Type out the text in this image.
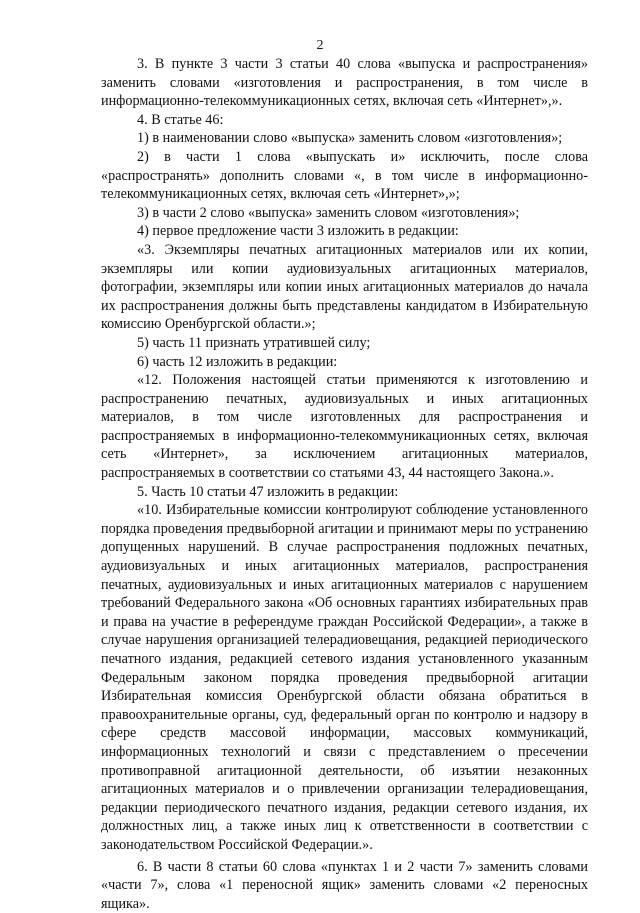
2

3. В пункте 3 части 3 статьи 40 слова «выпуска и распространения» заменить словами «изготовления и распространения, в том числе в информационно-телекоммуникационных сетях, включая сеть «Интернет»,».

4. В статье 46:

1) в наименовании слово «выпуска» заменить словом «изготовления»;

2) в части 1 слова «выпускать и» исключить, после слова «распространять» дополнить словами «, в том числе в информационно-телекоммуникационных сетях, включая сеть «Интернет»,»;

3) в части 2 слово «выпуска» заменить словом «изготовления»;

4) первое предложение части 3 изложить в редакции:

«3. Экземпляры печатных агитационных материалов или их копии, экземпляры или копии аудиовизуальных агитационных материалов, фотографии, экземпляры или копии иных агитационных материалов до начала их распространения должны быть представлены кандидатом в Избирательную комиссию Оренбургской области.»;

5) часть 11 признать утратившей силу;

6) часть 12 изложить в редакции:

«12. Положения настоящей статьи применяются к изготовлению и распространению печатных, аудиовизуальных и иных агитационных материалов, в том числе изготовленных для распространения и распространяемых в информационно-телекоммуникационных сетях, включая сеть «Интернет», за исключением агитационных материалов, распространяемых в соответствии со статьями 43, 44 настоящего Закона.».

5. Часть 10 статьи 47 изложить в редакции:

«10. Избирательные комиссии контролируют соблюдение установленного порядка проведения предвыборной агитации и принимают меры по устранению допущенных нарушений. В случае распространения подложных печатных, аудиовизуальных и иных агитационных материалов, распространения печатных, аудиовизуальных и иных агитационных материалов с нарушением требований Федерального закона «Об основных гарантиях избирательных прав и права на участие в референдуме граждан Российской Федерации», а также в случае нарушения организацией телерадиовещания, редакцией периодического печатного издания, редакцией сетевого издания установленного указанным Федеральным законом порядка проведения предвыборной агитации Избирательная комиссия Оренбургской области обязана обратиться в правоохранительные органы, суд, федеральный орган по контролю и надзору в сфере средств массовой информации, массовых коммуникаций, информационных технологий и связи с представлением о пресечении противоправной агитационной деятельности, об изъятии незаконных агитационных материалов и о привлечении организации телерадиовещания, редакции периодического печатного издания, редакции сетевого издания, их должностных лиц, а также иных лиц к ответственности в соответствии с законодательством Российской Федерации.».

6. В части 8 статьи 60 слова «пунктах 1 и 2 части 7» заменить словами «части 7», слова «1 переносной ящик» заменить словами «2 переносных ящика».
